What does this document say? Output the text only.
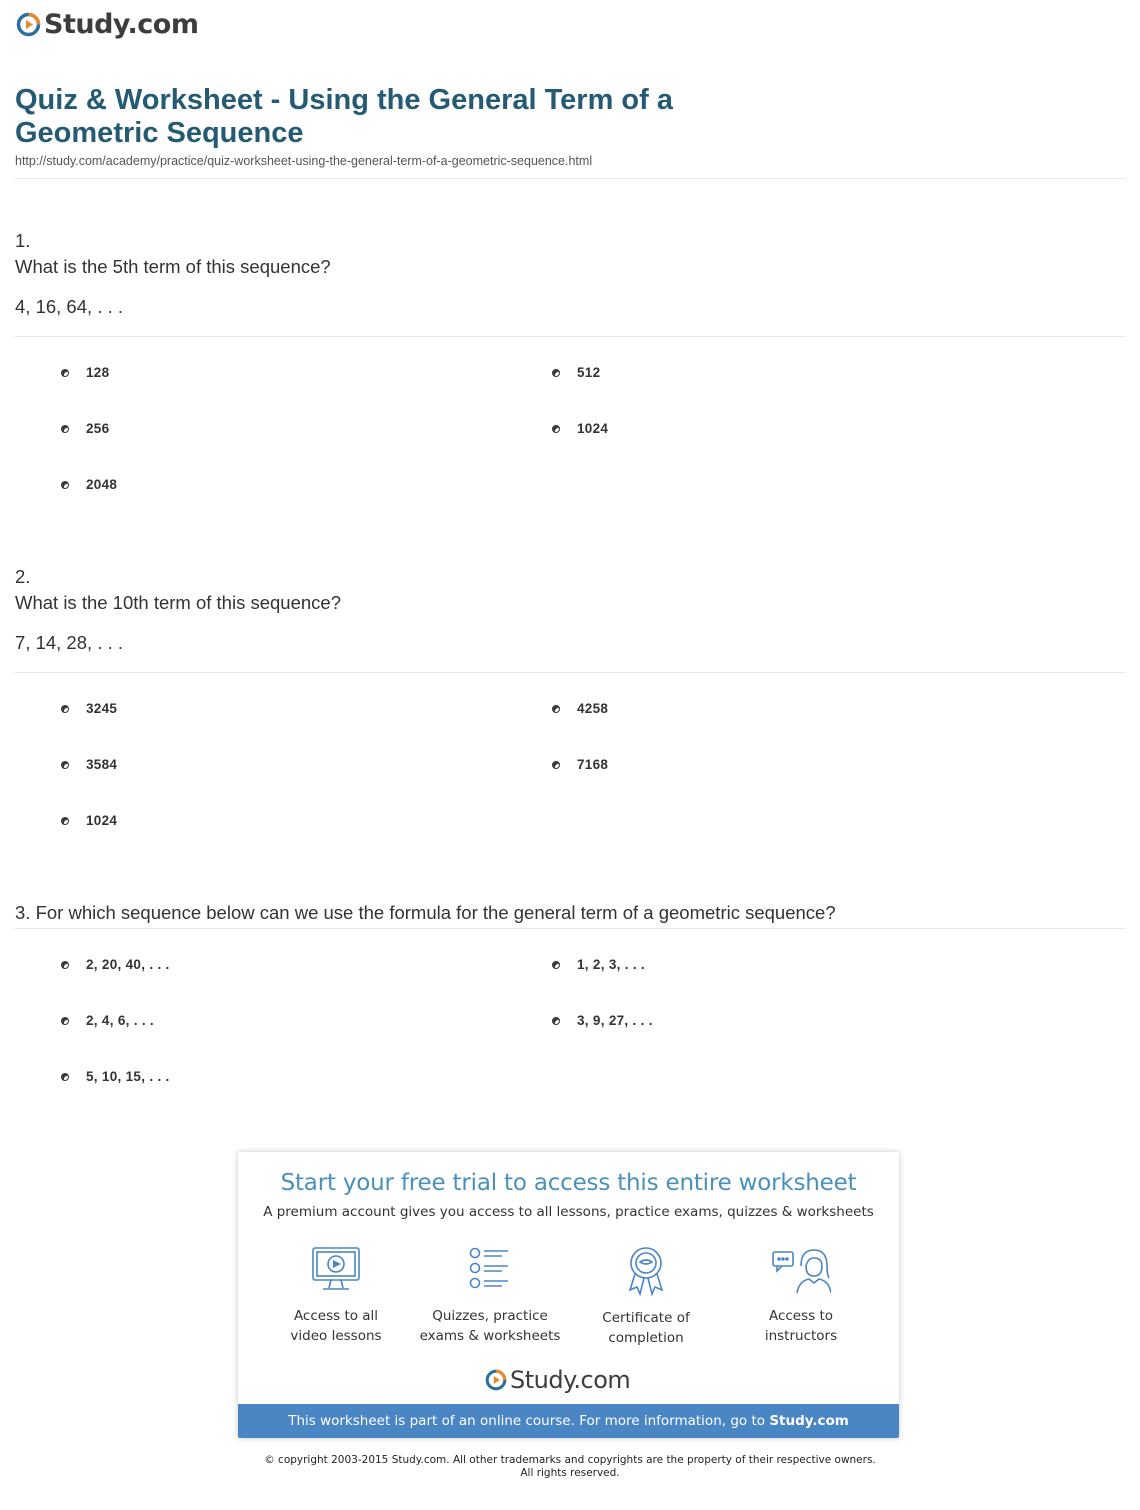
Study.com
Quiz & Worksheet - Using the General Term of a Geometric Sequence
http://study.com/academy/practice/quiz-worksheet-using-the-general-term-of-a-geometric-sequence.html
1.
What is the 5th term of this sequence?
4, 16, 64, . . .
128	512
256	1024
2048
2.
What is the 10th term of this sequence?
7, 14, 28, . . .
3245	4258
3584	7168
1024
3. For which sequence below can we use the formula for the general term of a geometric sequence?
2, 20, 40, . . .	1, 2, 3, . . .
2, 4, 6, . . .	3, 9, 27, . . .
5, 10, 15, . . .
Start your free trial to access this entire worksheet
A premium account gives you access to all lessons, practice exams, quizzes & worksheets
Access to all
video lessons
Quizzes, practice
exams & worksheets
Certificate of
completion
Access to
instructors
Study.com
This worksheet is part of an online course. For more information, go to Study.com
© copyright 2003-2015 Study.com. All other trademarks and copyrights are the property of their respective owners.
All rights reserved.
